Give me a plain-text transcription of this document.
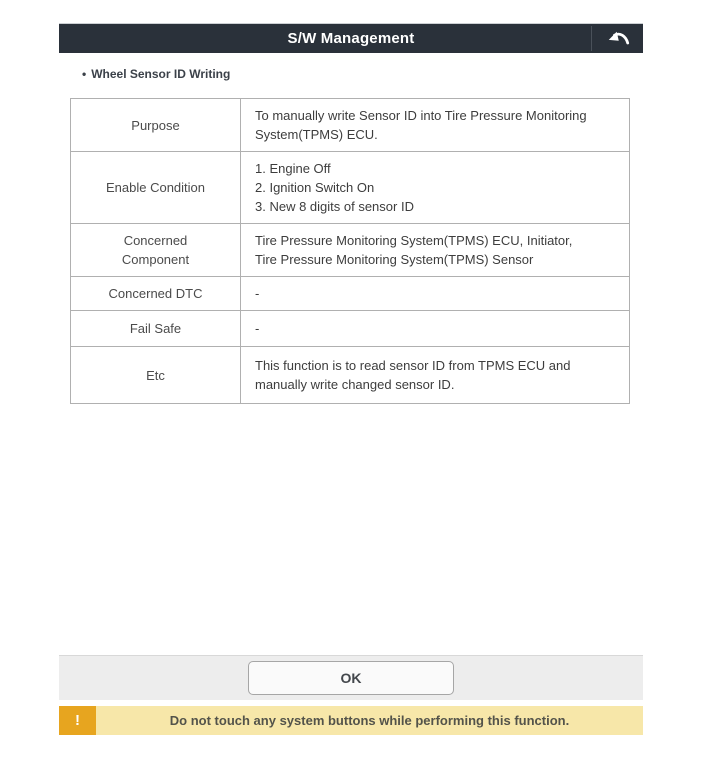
S/W Management
• Wheel Sensor ID Writing
Purpose	To manually write Sensor ID into Tire Pressure Monitoring System(TPMS) ECU.
Enable Condition	1. Engine Off
2. Ignition Switch On
3. New 8 digits of sensor ID

Concerned Component	Tire Pressure Monitoring System(TPMS) ECU, Initiator, Tire Pressure Monitoring System(TPMS) Sensor
Concerned DTC	-
Fail Safe	-
Etc	This function is to read sensor ID from TPMS ECU and manually write changed sensor ID.
OK
!	Do not touch any system buttons while performing this function.
